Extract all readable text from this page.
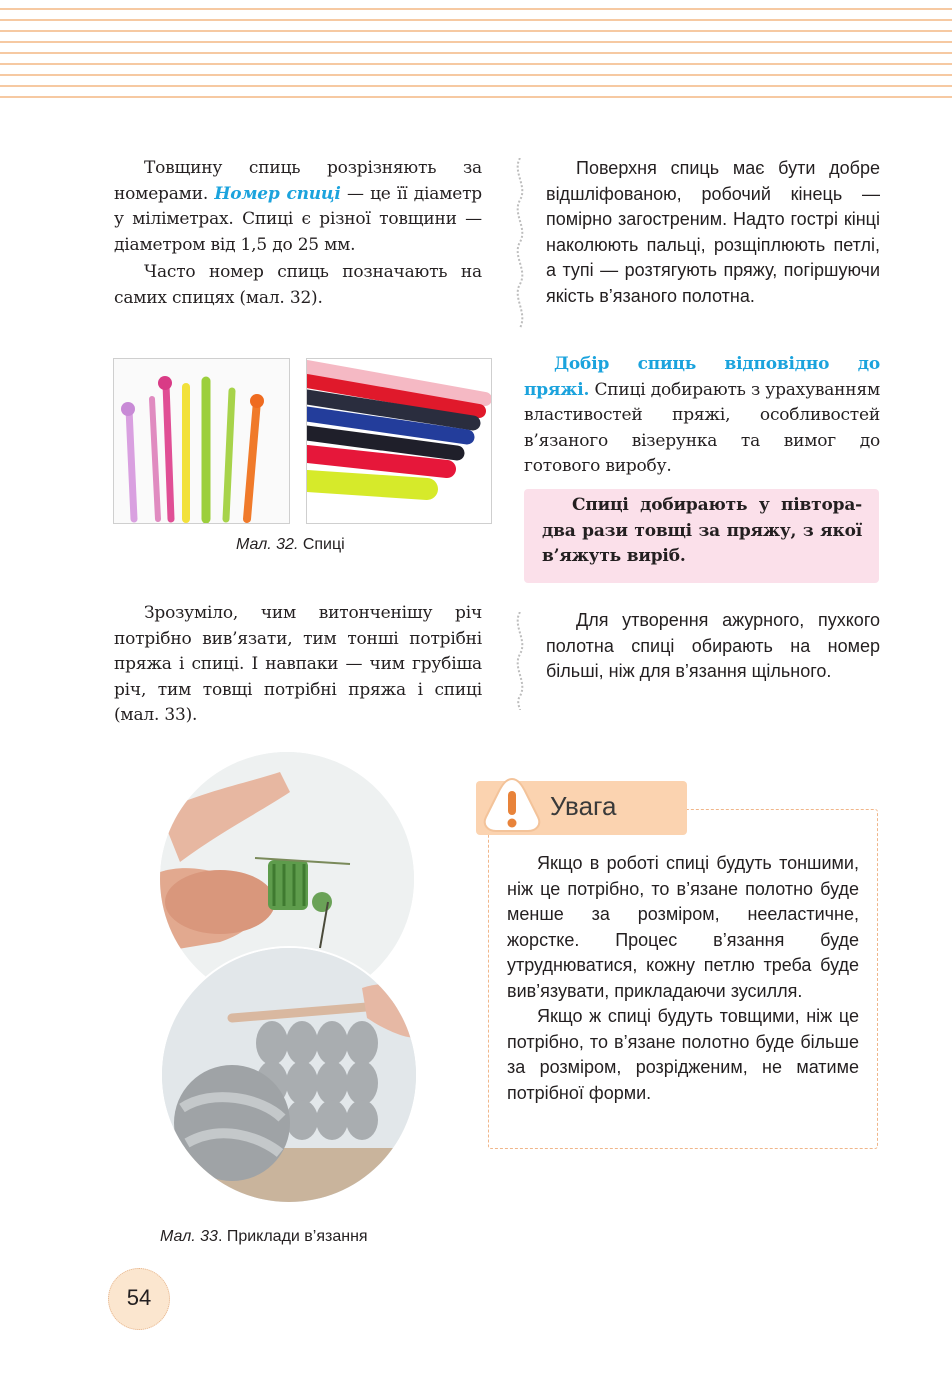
Товщину спиць розрізняють за номерами. Номер спиці — це її діаметр у міліметрах. Спиці є різної товщини — діаметром від 1,5 до 25 мм.

Часто номер спиць позначають на самих спицях (мал. 32).

Поверхня спиць має бути добре відшліфованою, робочий кінець — помірно загостреним. Надто гострі кінці наколюють пальці, розщіплюють петлі, а тупі — розтягують пряжу, погіршуючи якість в’язаного полотна.

Мал. 32. Спиці

Добір спиць відповідно до пряжі. Спиці добирають з урахуванням властивостей пряжі, особливостей в’язаного візерунка та вимог до готового виробу.

Спиці добирають у півтора-два рази товщі за пряжу, з якої в’яжуть виріб.

Зрозуміло, чим витонченішу річ потрібно вив’язати, тим тонші потрібні пряжа і спиці. І навпаки — чим грубіша річ, тим товщі потрібні пряжа і спиці (мал. 33).

Для утворення ажурного, пухкого полотна спиці обирають на номер більші, ніж для в’язання щільного.

Мал. 33. Приклади в’язання
Увага

Якщо в роботі спиці будуть тоншими, ніж це потрібно, то в’язане полотно буде менше за розміром, нееластичне, жорстке. Процес в’язання буде утруднюватися, кожну петлю треба буде вив’язувати, прикладаючи зусилля.

Якщо ж спиці будуть товщими, ніж це потрібно, то в’язане полотно буде більше за розміром, розрідженим, не матиме потрібної форми.

54
